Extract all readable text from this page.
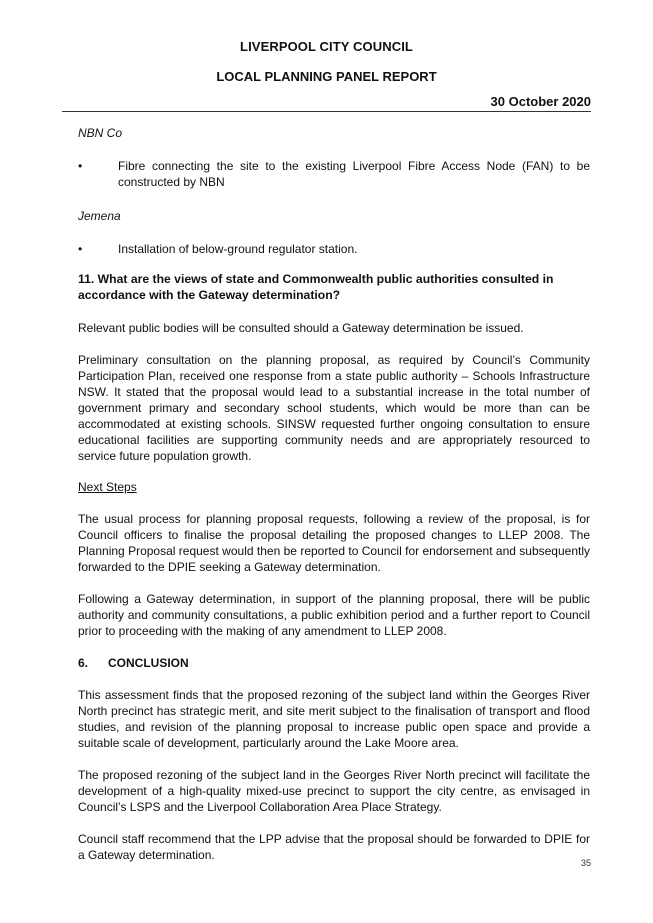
LIVERPOOL CITY COUNCIL
LOCAL PLANNING PANEL REPORT
30 October 2020

NBN Co

•	Fibre connecting the site to the existing Liverpool Fibre Access Node (FAN) to be constructed by NBN

Jemena

•	Installation of below-ground regulator station.

11. What are the views of state and Commonwealth public authorities consulted in accordance with the Gateway determination?

Relevant public bodies will be consulted should a Gateway determination be issued.

Preliminary consultation on the planning proposal, as required by Council’s Community Participation Plan, received one response from a state public authority – Schools Infrastructure NSW. It stated that the proposal would lead to a substantial increase in the total number of government primary and secondary school students, which would be more than can be accommodated at existing schools. SINSW requested further ongoing consultation to ensure educational facilities are supporting community needs and are appropriately resourced to service future population growth.

Next Steps

The usual process for planning proposal requests, following a review of the proposal, is for Council officers to finalise the proposal detailing the proposed changes to LLEP 2008. The Planning Proposal request would then be reported to Council for endorsement and subsequently forwarded to the DPIE seeking a Gateway determination.

Following a Gateway determination, in support of the planning proposal, there will be public authority and community consultations, a public exhibition period and a further report to Council prior to proceeding with the making of any amendment to LLEP 2008.

6. CONCLUSION

This assessment finds that the proposed rezoning of the subject land within the Georges River North precinct has strategic merit, and site merit subject to the finalisation of transport and flood studies, and revision of the planning proposal to increase public open space and provide a suitable scale of development, particularly around the Lake Moore area.

The proposed rezoning of the subject land in the Georges River North precinct will facilitate the development of a high-quality mixed-use precinct to support the city centre, as envisaged in Council’s LSPS and the Liverpool Collaboration Area Place Strategy.

Council staff recommend that the LPP advise that the proposal should be forwarded to DPIE for a Gateway determination.

35
